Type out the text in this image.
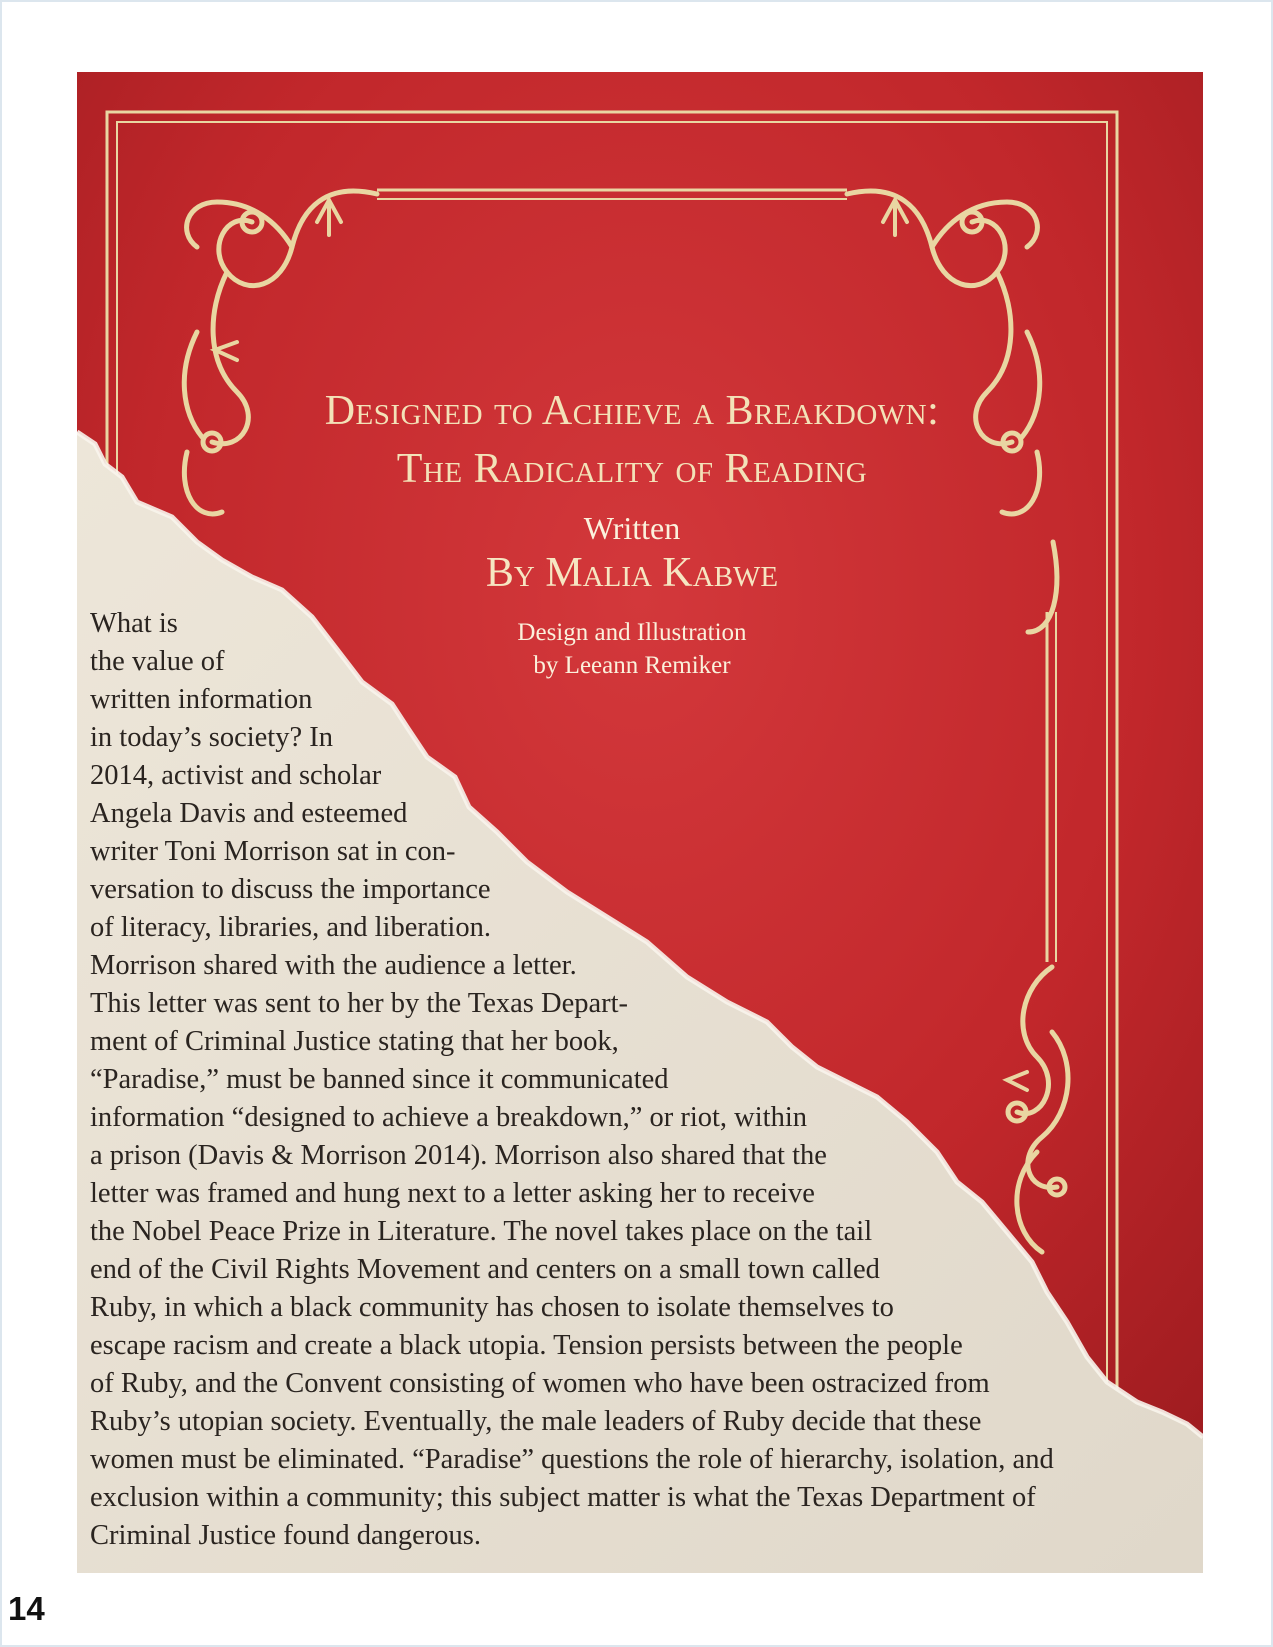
Designed to Achieve a Breakdown:
The Radicality of Reading
Written
By Malia Kabwe
Design and Illustration
by Leeann Remiker

What is
the value of
written information
in today’s society? In
2014, activist and scholar
Angela Davis and esteemed
writer Toni Morrison sat in con-
versation to discuss the importance
of literacy, libraries, and liberation.
Morrison shared with the audience a letter.
This letter was sent to her by the Texas Depart-
ment of Criminal Justice stating that her book,
“Paradise,” must be banned since it communicated
information “designed to achieve a breakdown,” or riot, within
a prison (Davis & Morrison 2014). Morrison also shared that the
letter was framed and hung next to a letter asking her to receive
the Nobel Peace Prize in Literature. The novel takes place on the tail
end of the Civil Rights Movement and centers on a small town called
Ruby, in which a black community has chosen to isolate themselves to
escape racism and create a black utopia. Tension persists between the people
of Ruby, and the Convent consisting of women who have been ostracized from
Ruby’s utopian society. Eventually, the male leaders of Ruby decide that these
women must be eliminated. “Paradise” questions the role of hierarchy, isolation, and
exclusion within a community; this subject matter is what the Texas Department of
Criminal Justice found dangerous.

14
